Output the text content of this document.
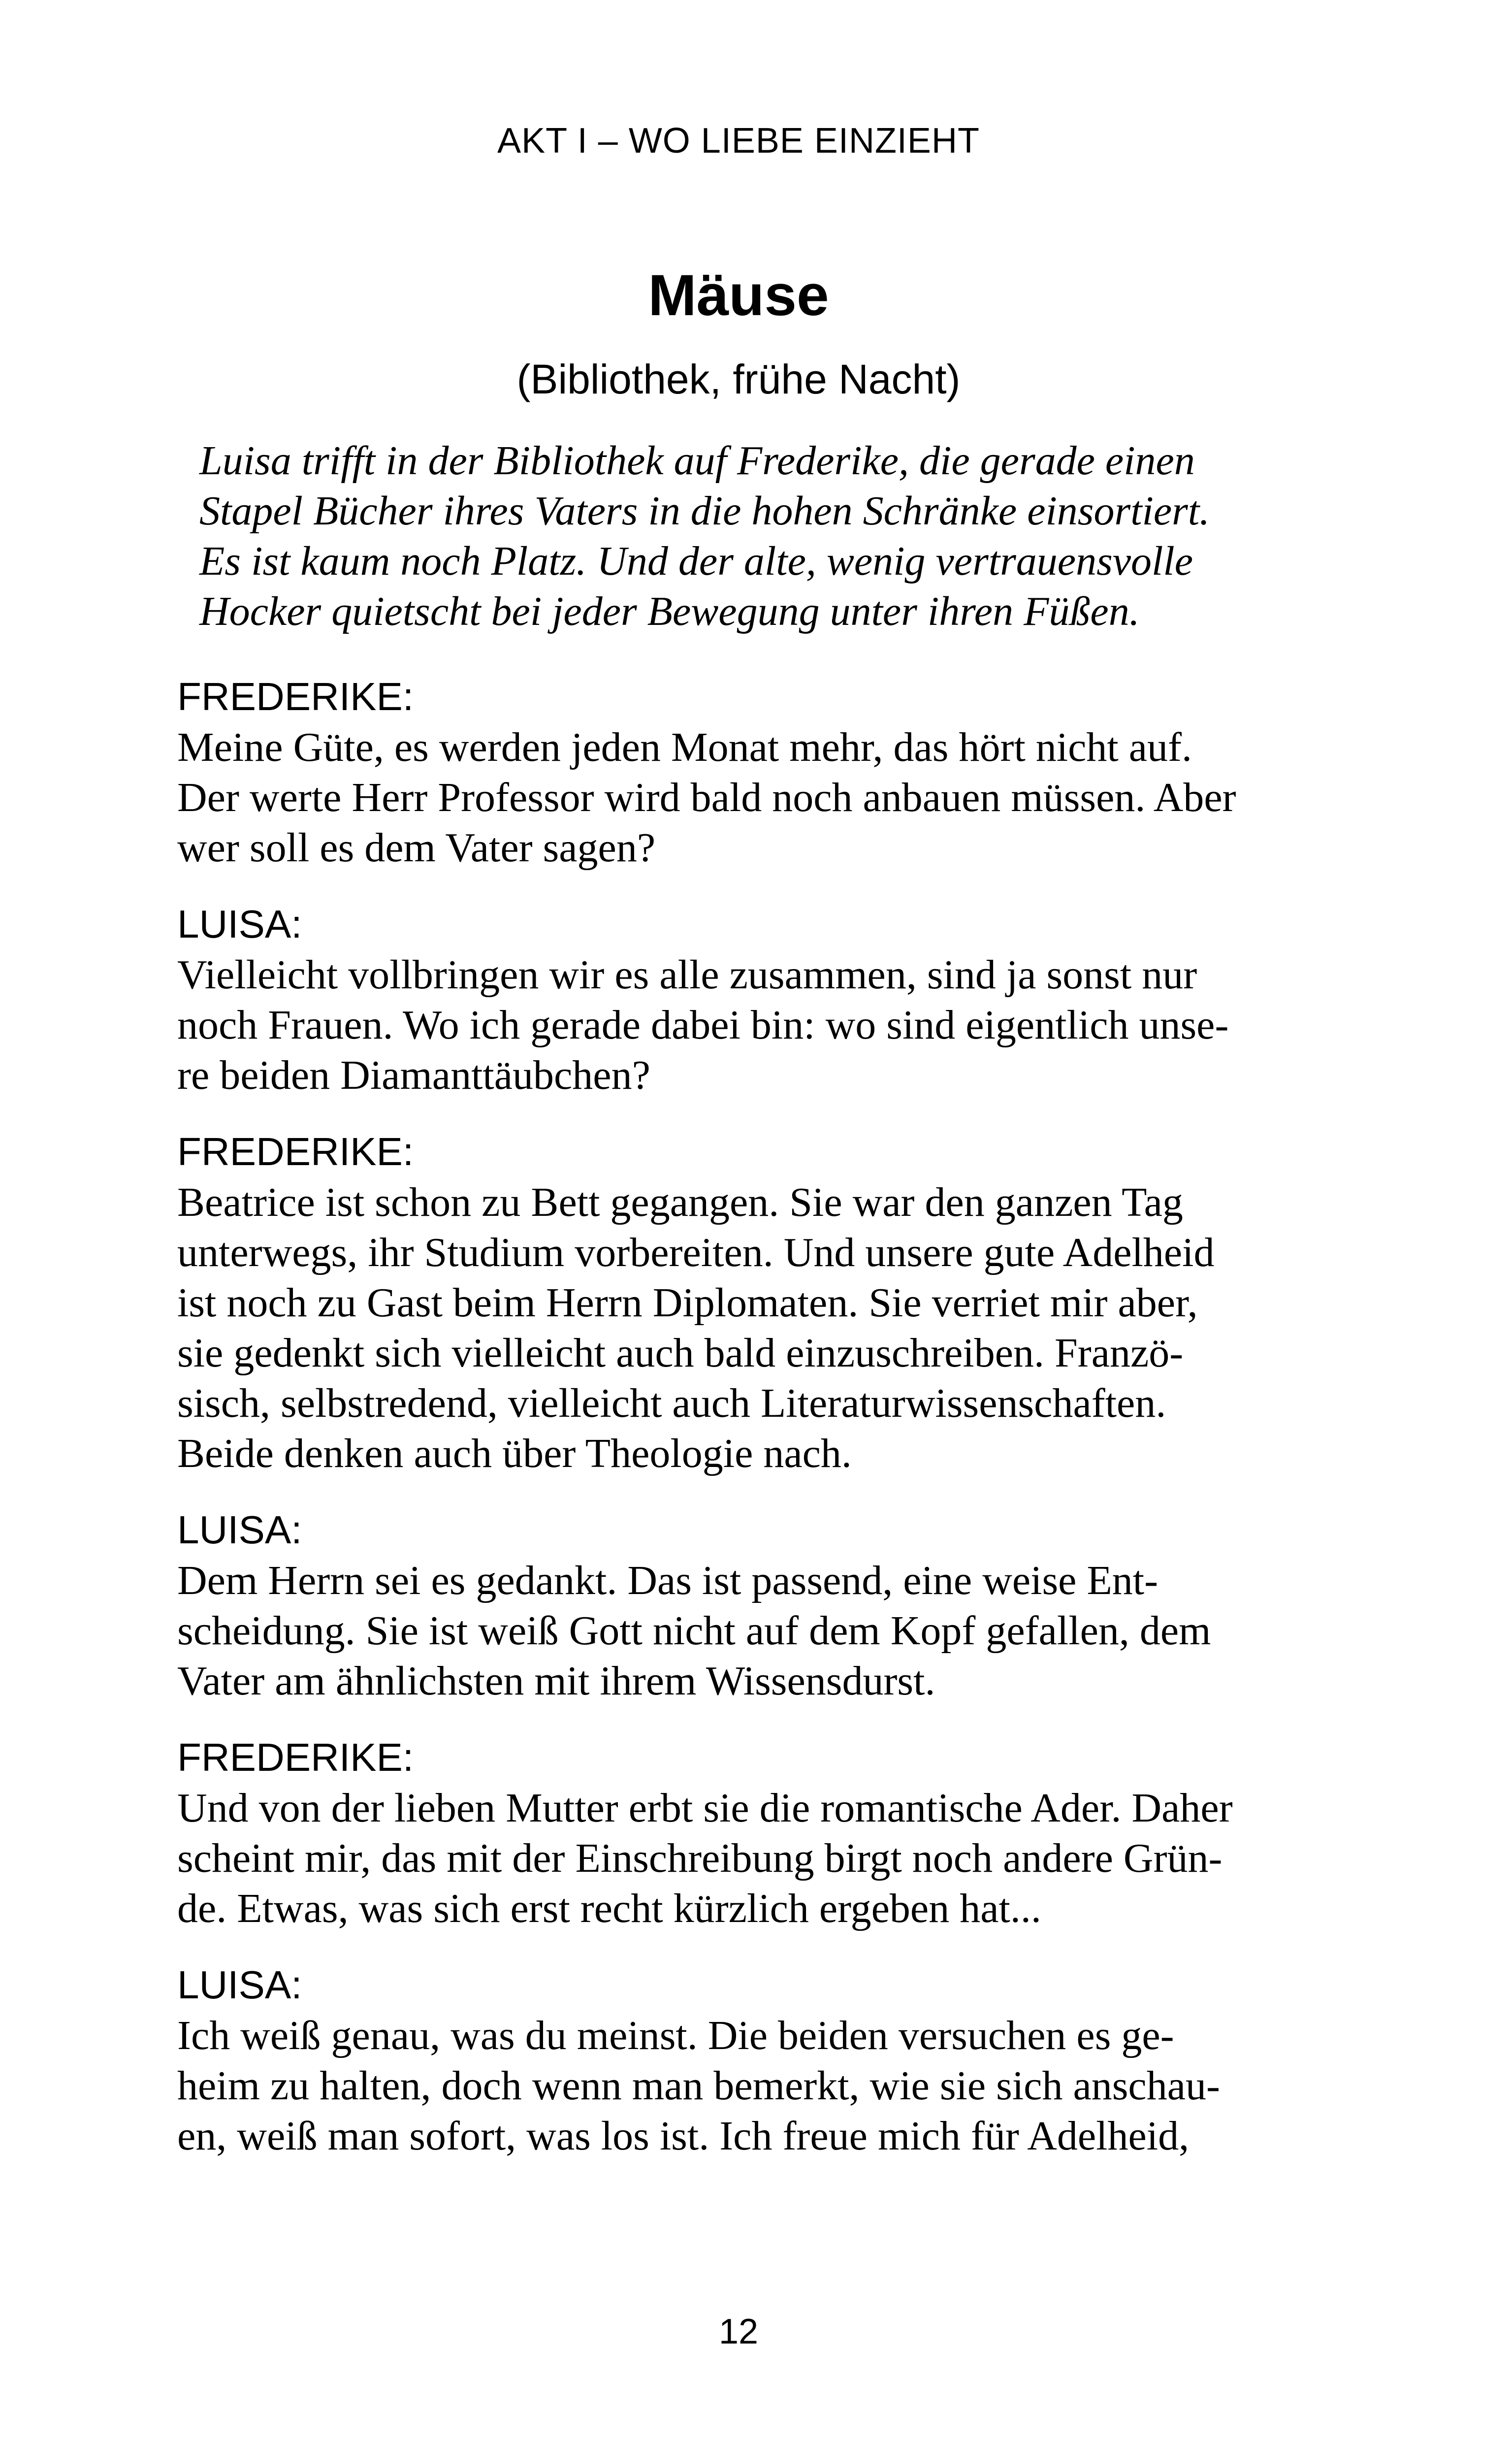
AKT I – WO LIEBE EINZIEHT
Mäuse
(Bibliothek, frühe Nacht)
Luisa trifft in der Bibliothek auf Frederike, die gerade einen
Stapel Bücher ihres Vaters in die hohen Schränke einsortiert.
Es ist kaum noch Platz. Und der alte, wenig vertrauensvolle
Hocker quietscht bei jeder Bewegung unter ihren Füßen.
FREDERIKE:
Meine Güte, es werden jeden Monat mehr, das hört nicht auf.
Der werte Herr Professor wird bald noch anbauen müssen. Aber
wer soll es dem Vater sagen?
LUISA:
Vielleicht vollbringen wir es alle zusammen, sind ja sonst nur
noch Frauen. Wo ich gerade dabei bin: wo sind eigentlich unse-
re beiden Diamanttäubchen?
FREDERIKE:
Beatrice ist schon zu Bett gegangen. Sie war den ganzen Tag
unterwegs, ihr Studium vorbereiten. Und unsere gute Adelheid
ist noch zu Gast beim Herrn Diplomaten. Sie verriet mir aber,
sie gedenkt sich vielleicht auch bald einzuschreiben. Franzö-
sisch, selbstredend, vielleicht auch Literaturwissenschaften.
Beide denken auch über Theologie nach.
LUISA:
Dem Herrn sei es gedankt. Das ist passend, eine weise Ent-
scheidung. Sie ist weiß Gott nicht auf dem Kopf gefallen, dem
Vater am ähnlichsten mit ihrem Wissensdurst.
FREDERIKE:
Und von der lieben Mutter erbt sie die romantische Ader. Daher
scheint mir, das mit der Einschreibung birgt noch andere Grün-
de. Etwas, was sich erst recht kürzlich ergeben hat...
LUISA:
Ich weiß genau, was du meinst. Die beiden versuchen es ge-
heim zu halten, doch wenn man bemerkt, wie sie sich anschau-
en, weiß man sofort, was los ist. Ich freue mich für Adelheid,
12
